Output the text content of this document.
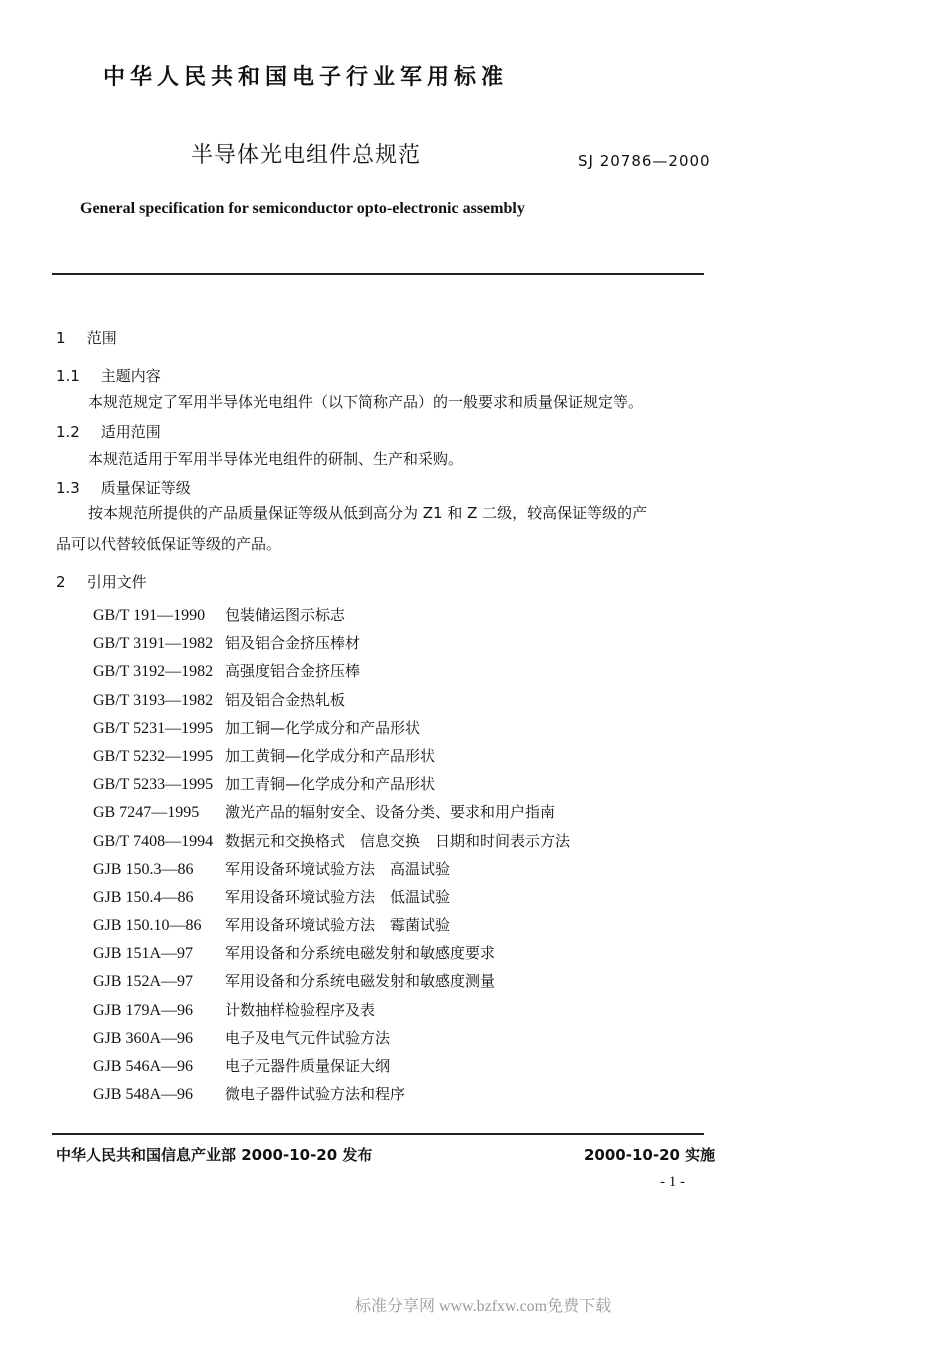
中华人民共和国电子行业军用标准
半导体光电组件总规范	SJ 20786—2000
General specification for semiconductor opto-electronic assembly
1 范围
1.1 主题内容
本规范规定了军用半导体光电组件（以下简称产品）的一般要求和质量保证规定等。
1.2 适用范围
本规范适用于军用半导体光电组件的研制、生产和采购。
1.3 质量保证等级
按本规范所提供的产品质量保证等级从低到高分为 Z1 和 Z 二级，较高保证等级的产
品可以代替较低保证等级的产品。
2 引用文件
GB/T 191—1990 包装储运图示标志
GB/T 3191—1982 铝及铝合金挤压棒材
GB/T 3192—1982 高强度铝合金挤压棒
GB/T 3193—1982 铝及铝合金热轧板
GB/T 5231—1995 加工铜—化学成分和产品形状
GB/T 5232—1995 加工黄铜—化学成分和产品形状
GB/T 5233—1995 加工青铜—化学成分和产品形状
GB 7247—1995 激光产品的辐射安全、设备分类、要求和用户指南
GB/T 7408—1994 数据元和交换格式　信息交换　日期和时间表示方法
GJB 150.3—86 军用设备环境试验方法　高温试验
GJB 150.4—86 军用设备环境试验方法　低温试验
GJB 150.10—86 军用设备环境试验方法　霉菌试验
GJB 151A—97 军用设备和分系统电磁发射和敏感度要求
GJB 152A—97 军用设备和分系统电磁发射和敏感度测量
GJB 179A—96 计数抽样检验程序及表
GJB 360A—96 电子及电气元件试验方法
GJB 546A—96 电子元器件质量保证大纲
GJB 548A—96 微电子器件试验方法和程序
中华人民共和国信息产业部 2000-10-20 发布	2000-10-20 实施
- 1 -
标准分享网 www.bzfxw.com免费下载
